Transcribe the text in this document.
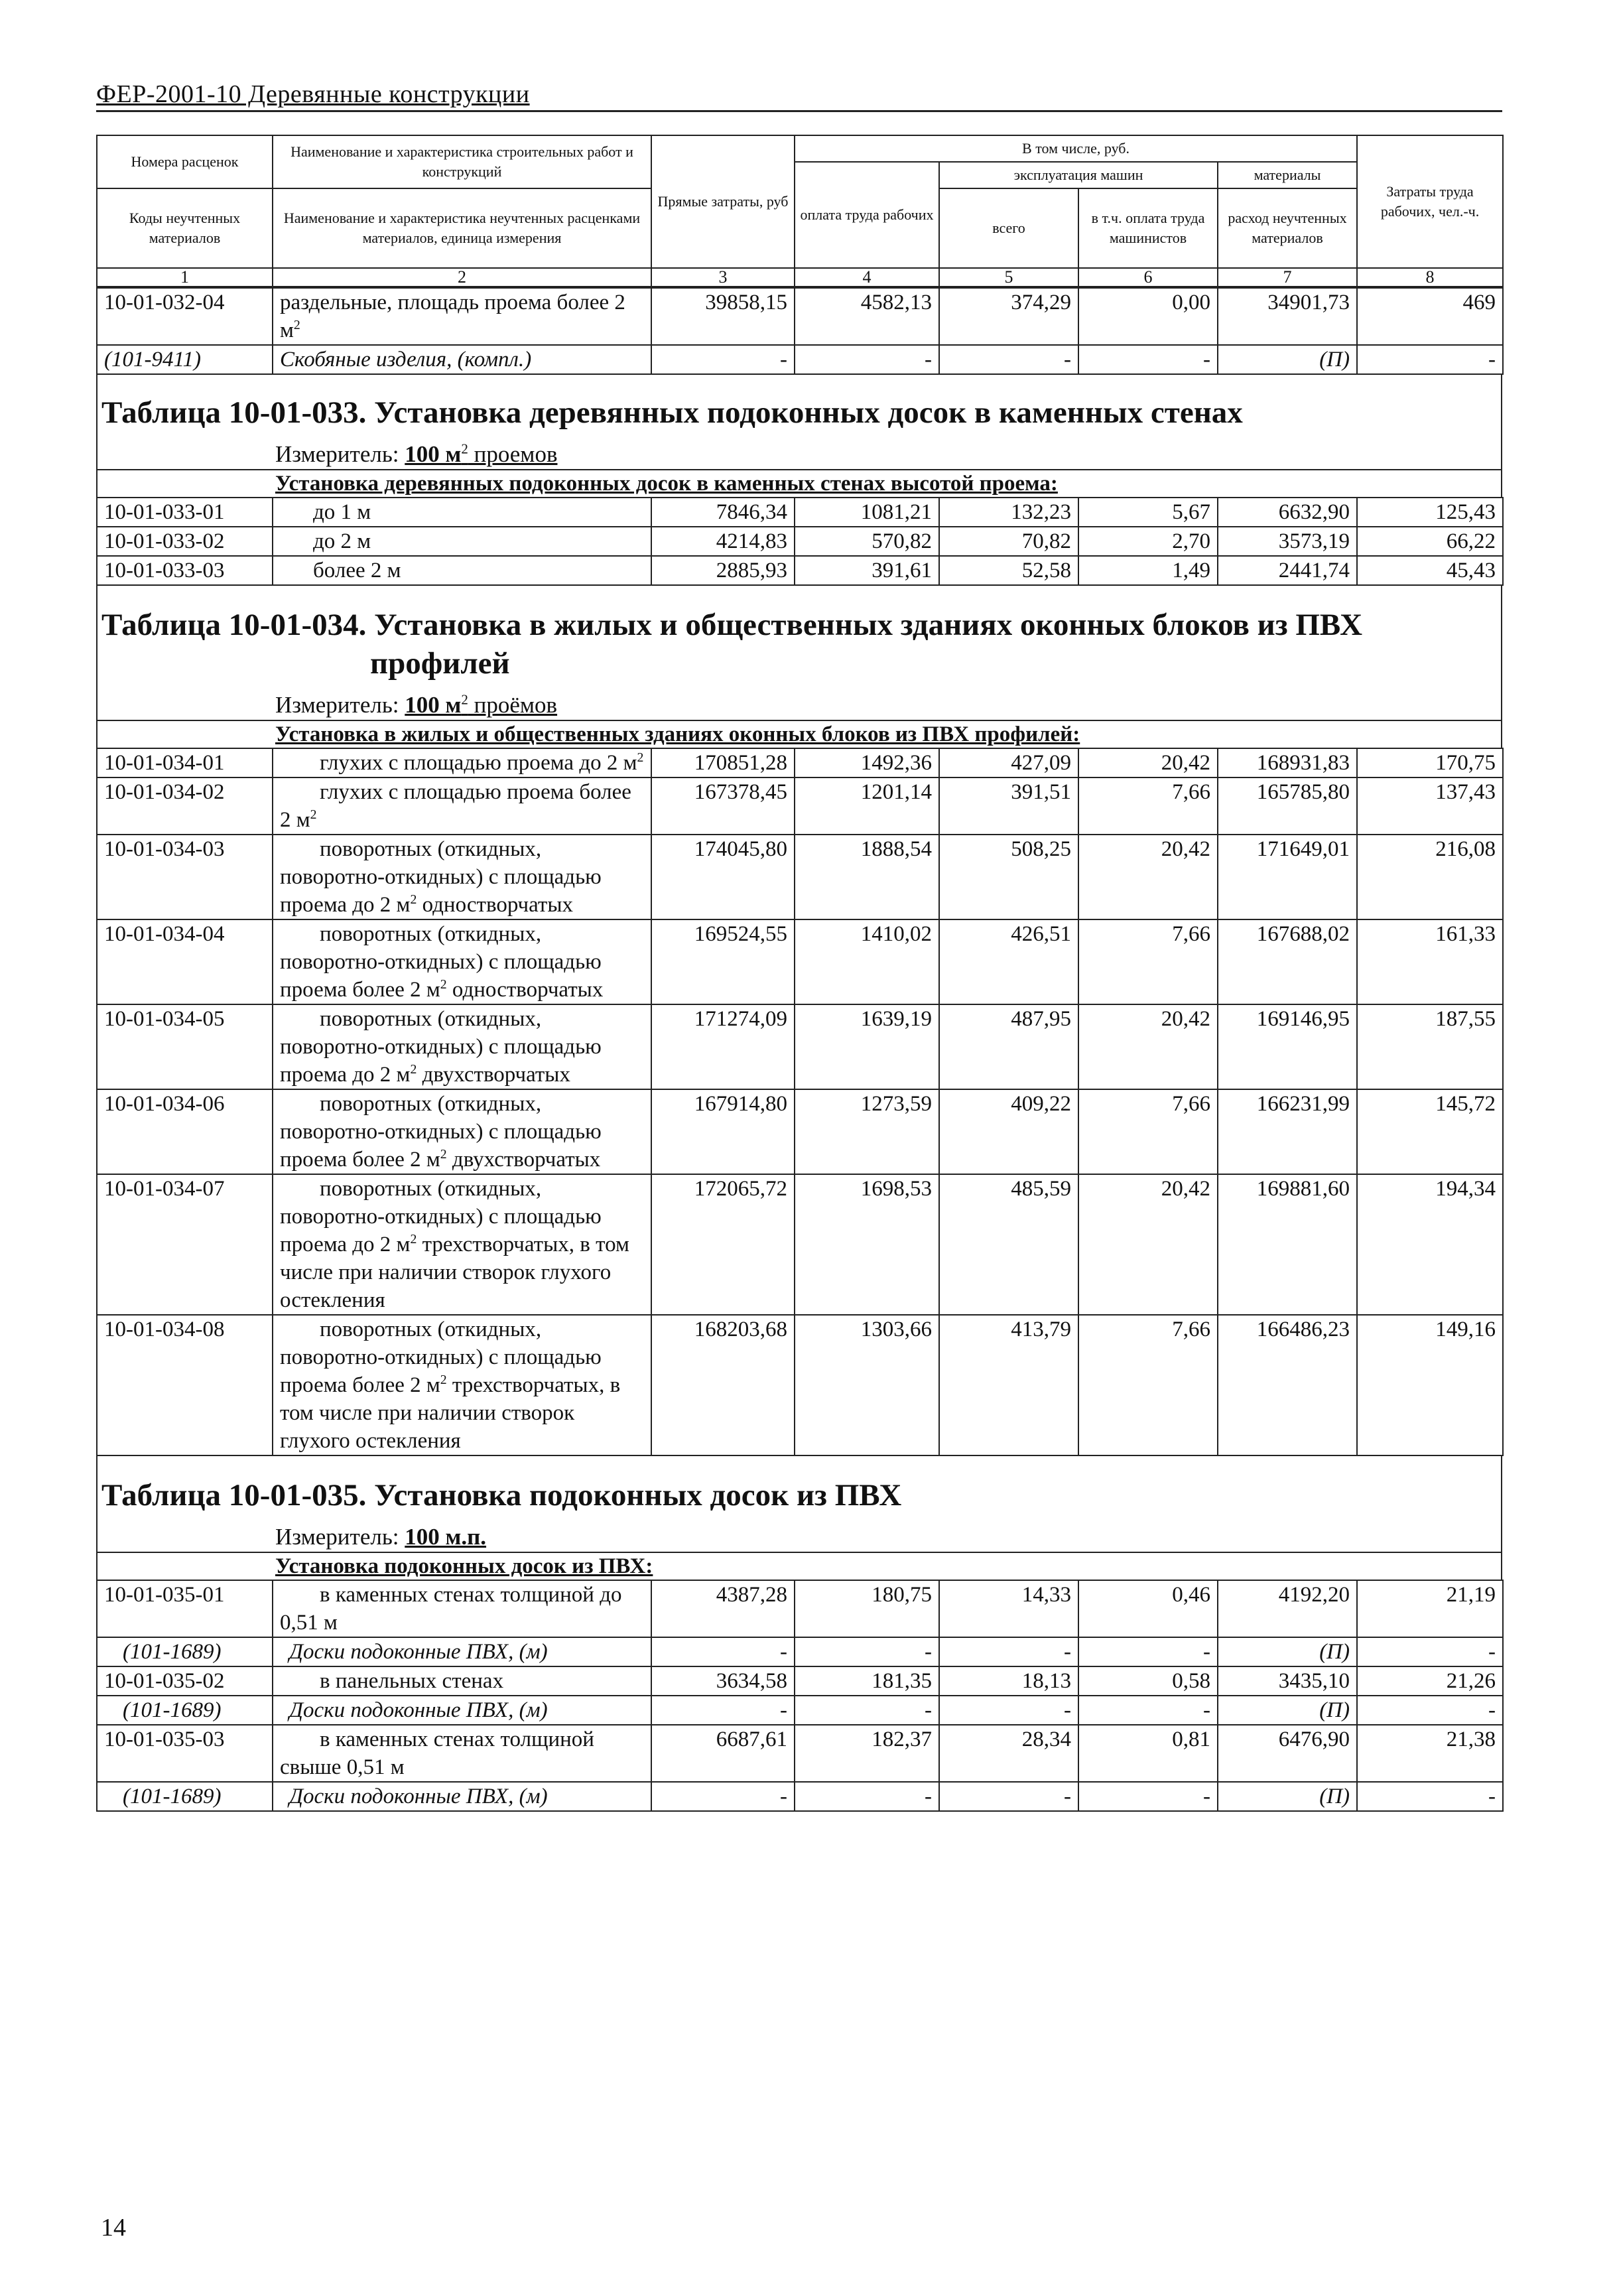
ФЕР-2001-10 Деревянные конструкции
Номера расценок	Наименование и характеристика строительных работ и конструкций	Прямые затраты, руб	В том числе, руб.				Затраты труда рабочих, чел.-ч.
			оплата труда рабочих	эксплуатация машин		материалы	
Коды неучтенных материалов	Наименование и характеристика неучтенных расценками материалов, единица измерения			всего	в т.ч. оплата труда машинистов	расход неучтенных материалов	

1	2	3	4	5	6	7	8
10-01-032-04	раздельные, площадь проема более 2 $м^2$	39858,15	4582,13	374,29	0,00	34901,73	469
(101-9411)	Скобяные изделия, (компл.)	-	-	-	-	(П)	-
Таблица 10-01-033. Установка деревянных подоконных досок в каменных стенах
Измеритель: 100 $м^2$ проемов
Установка деревянных подоконных досок в каменных стенах высотой проема:
10-01-033-01	до 1 м	7846,34	1081,21	132,23	5,67	6632,90	125,43
10-01-033-02	до 2 м	4214,83	570,82	70,82	2,70	3573,19	66,22
10-01-033-03	более 2 м	2885,93	391,61	52,58	1,49	2441,74	45,43
Таблица 10-01-034. Установка в жилых и общественных зданиях оконных блоков из ПВХ
профилей
Измеритель: 100 $м^2$ проёмов
Установка в жилых и общественных зданиях оконных блоков из ПВХ профилей:
10-01-034-01	глухих с площадью проема до 2 $м^2$	170851,28	1492,36	427,09	20,42	168931,83	170,75
10-01-034-02	глухих с площадью проема более 2 $м^2$	167378,45	1201,14	391,51	7,66	165785,80	137,43
10-01-034-03	поворотных (откидных, поворотно-откидных) с площадью проема до 2 $м^2$ одностворчатых	174045,80	1888,54	508,25	20,42	171649,01	216,08
10-01-034-04	поворотных (откидных, поворотно-откидных) с площадью проема более 2 $м^2$ одностворчатых	169524,55	1410,02	426,51	7,66	167688,02	161,33
10-01-034-05	поворотных (откидных, поворотно-откидных) с площадью проема до 2 $м^2$ двухстворчатых	171274,09	1639,19	487,95	20,42	169146,95	187,55
10-01-034-06	поворотных (откидных, поворотно-откидных) с площадью проема более 2 $м^2$ двухстворчатых	167914,80	1273,59	409,22	7,66	166231,99	145,72
10-01-034-07	поворотных (откидных, поворотно-откидных) с площадью проема до 2 $м^2$ трехстворчатых, в том числе при наличии створок глухого остекления	172065,72	1698,53	485,59	20,42	169881,60	194,34
10-01-034-08	поворотных (откидных, поворотно-откидных) с площадью проема более 2 $м^2$ трехстворчатых, в том числе при наличии створок глухого остекления	168203,68	1303,66	413,79	7,66	166486,23	149,16
Таблица 10-01-035. Установка подоконных досок из ПВХ
Измеритель: 100 м.п.
Установка подоконных досок из ПВХ:
10-01-035-01	в каменных стенах толщиной до 0,51 м	4387,28	180,75	14,33	0,46	4192,20	21,19
(101-1689)	Доски подоконные ПВХ, (м)	-	-	-	-	(П)	-
10-01-035-02	в панельных стенах	3634,58	181,35	18,13	0,58	3435,10	21,26
(101-1689)	Доски подоконные ПВХ, (м)	-	-	-	-	(П)	-
10-01-035-03	в каменных стенах толщиной свыше 0,51 м	6687,61	182,37	28,34	0,81	6476,90	21,38
(101-1689)	Доски подоконные ПВХ, (м)	-	-	-	-	(П)	-
14
